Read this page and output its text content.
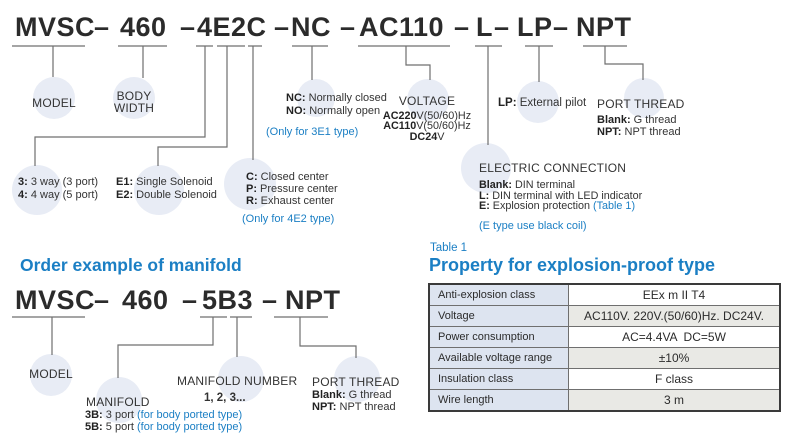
MVSC
– 460 – 4E2C – NC – AC110 – L – LP – NPT
MODEL	BODY
WIDTH
NC: Normally closed
NO: Normally open
(Only for 3E1 type)
VOLTAGE
AC220V(50/60)Hz
AC110V(50/60)Hz
DC24V
LP: External pilot PORT THREAD
Blank: G thread
NPT: NPT thread
3: 3 way (3 port)
4: 4 way (5 port)
E1: Single Solenoid
E2: Double Solenoid
C: Closed center
P: Pressure center
R: Exhaust center
(Only for 4E2 type)
ELECTRIC CONNECTION
Blank: DIN terminal
L: DIN terminal with LED indicator
E: Explosion protection (Table 1)
(E type use black coil)
Order example of manifold
MVSC
– 460 – 5B3 – NPT
MODEL
MANIFOLD
3B: 3 port (for body ported type)
5B: 5 port (for body ported type)
MANIFOLD NUMBER
1, 2, 3...
PORT THREAD
Blank: G thread
NPT: NPT thread
Table 1
Property for explosion-proof type
Anti-explosion class	EEx m II T4
Voltage	AC110V. 220V.(50/60)Hz. DC24V.
Power consumption	AC=4.4VA  DC=5W
Available voltage range	±10%
Insulation class	F class
Wire length	3 m
